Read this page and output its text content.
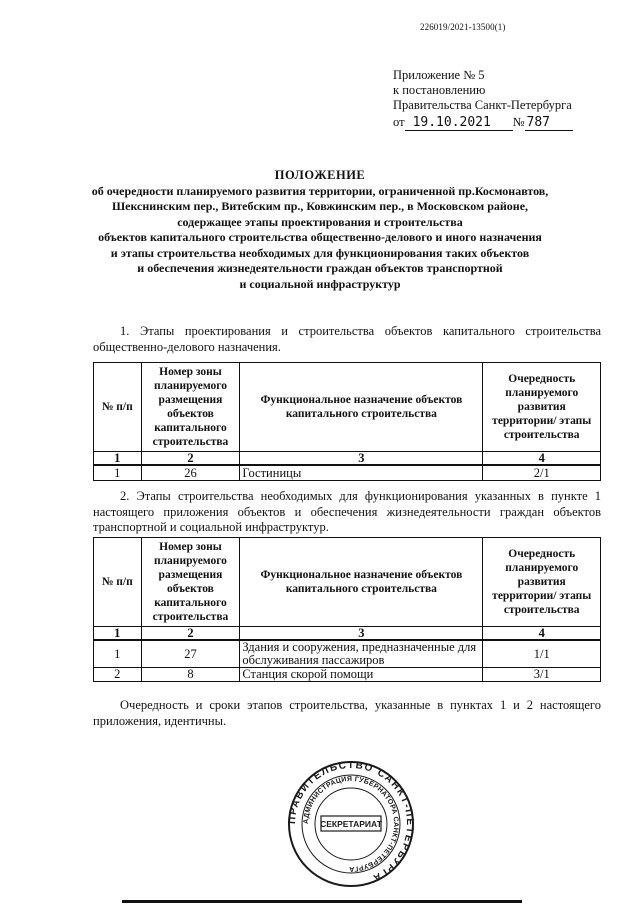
226019/2021-13500(1)
Приложение № 5
к постановлению
Правительства Санкт-Петербурга
от 19.10.2021 № 787
ПОЛОЖЕНИЕ
об очередности планируемого развития территории, ограниченной пр.Космонавтов,
Шекснинским пер., Витебским пр., Ковжинским пер., в Московском районе,
содержащее этапы проектирования и строительства
объектов капитального строительства общественно-делового и иного назначения
и этапы строительства необходимых для функционирования таких объектов
и обеспечения жизнедеятельности граждан объектов транспортной
и социальной инфраструктур
1. Этапы проектирования и строительства объектов капитального строительства общественно-делового назначения.
№ п/п	Номер зоны планируемого размещения объектов капитального строительства	Функциональное назначение объектов капитального строительства	Очередность планируемого развития территории/ этапы строительства
1	2	3	4
1	26	Гостиницы	2/1
2. Этапы строительства необходимых для функционирования указанных в пункте 1 настоящего приложения объектов и обеспечения жизнедеятельности граждан объектов транспортной и социальной инфраструктур.
№ п/п	Номер зоны планируемого размещения объектов капитального строительства	Функциональное назначение объектов капитального строительства	Очередность планируемого развития территории/ этапы строительства
1	2	3	4
1	27	Здания и сооружения, предназначенные для обслуживания пассажиров	1/1
2	8	Станция скорой помощи	3/1
Очередность и сроки этапов строительства, указанные в пунктах 1 и 2 настоящего приложения, идентичны.
ПРАВИТЕЛЬСТВО САНКТ-ПЕТЕРБУРГА
АДМИНИСТРАЦИЯ ГУБЕРНАТОРА САНКТ-ПЕТЕРБУРГА
СЕКРЕТАРИАТ
